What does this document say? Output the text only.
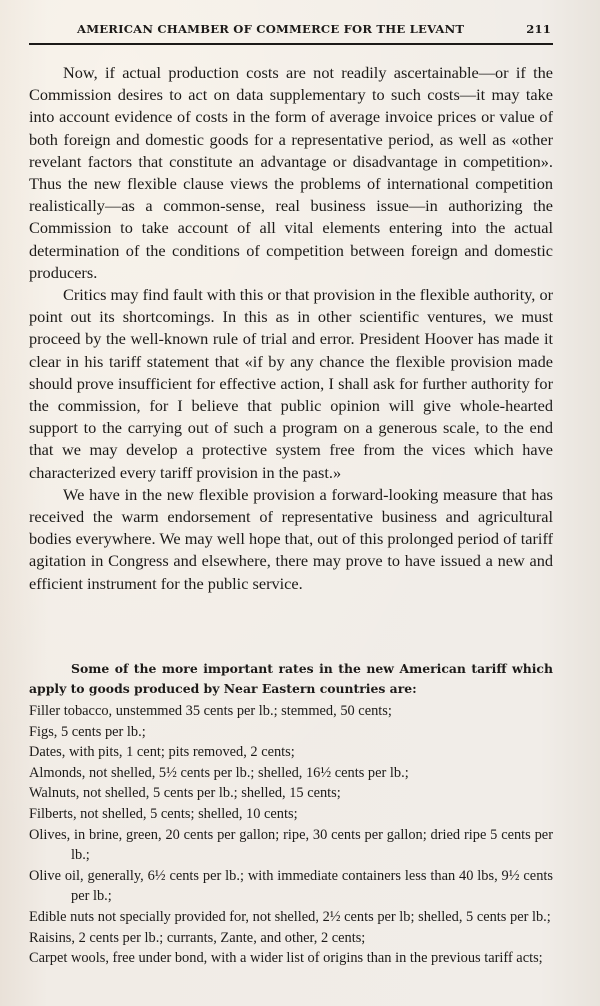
AMERICAN CHAMBER OF COMMERCE FOR THE LEVANT	211

Now, if actual production costs are not readily ascertainable—or if the Commission desires to act on data supplementary to such costs—it may take into account evidence of costs in the form of average invoice prices or value of both foreign and domestic goods for a representative period, as well as «other revelant factors that constitute an advantage or disadvantage in competition». Thus the new flexible clause views the problems of international competition realistically—as a common-sense, real business issue—in authorizing the Commission to take account of all vital elements entering into the actual determination of the conditions of competition between foreign and domestic producers.

Critics may find fault with this or that provision in the flexible authority, or point out its shortcomings. In this as in other scientific ventures, we must proceed by the well-known rule of trial and error. President Hoover has made it clear in his tariff statement that «if by any chance the flexible provision made should prove insufficient for effective action, I shall ask for further authority for the commission, for I believe that public opinion will give whole-hearted support to the carrying out of such a program on a generous scale, to the end that we may develop a protective system free from the vices which have characterized every tariff provision in the past.»

We have in the new flexible provision a forward-looking measure that has received the warm endorsement of representative business and agricultural bodies everywhere. We may well hope that, out of this prolonged period of tariff agitation in Congress and elsewhere, there may prove to have issued a new and efficient instrument for the public service.

Some of the more important rates in the new American tariff which apply to goods produced by Near Eastern countries are:

Filler tobacco, unstemmed 35 cents per lb.; stemmed, 50 cents;
Figs, 5 cents per lb.;
Dates, with pits, 1 cent; pits removed, 2 cents;
Almonds, not shelled, 5½ cents per lb.; shelled, 16½ cents per lb.;
Walnuts, not shelled, 5 cents per lb.; shelled, 15 cents;
Filberts, not shelled, 5 cents; shelled, 10 cents;
Olives, in brine, green, 20 cents per gallon; ripe, 30 cents per gallon; dried ripe 5 cents per lb.;
Olive oil, generally, 6½ cents per lb.; with immediate containers less than 40 lbs, 9½ cents per lb.;
Edible nuts not specially provided for, not shelled, 2½ cents per lb; shelled, 5 cents per lb.;
Raisins, 2 cents per lb.; currants, Zante, and other, 2 cents;
Carpet wools, free under bond, with a wider list of origins than in the previous tariff acts;
